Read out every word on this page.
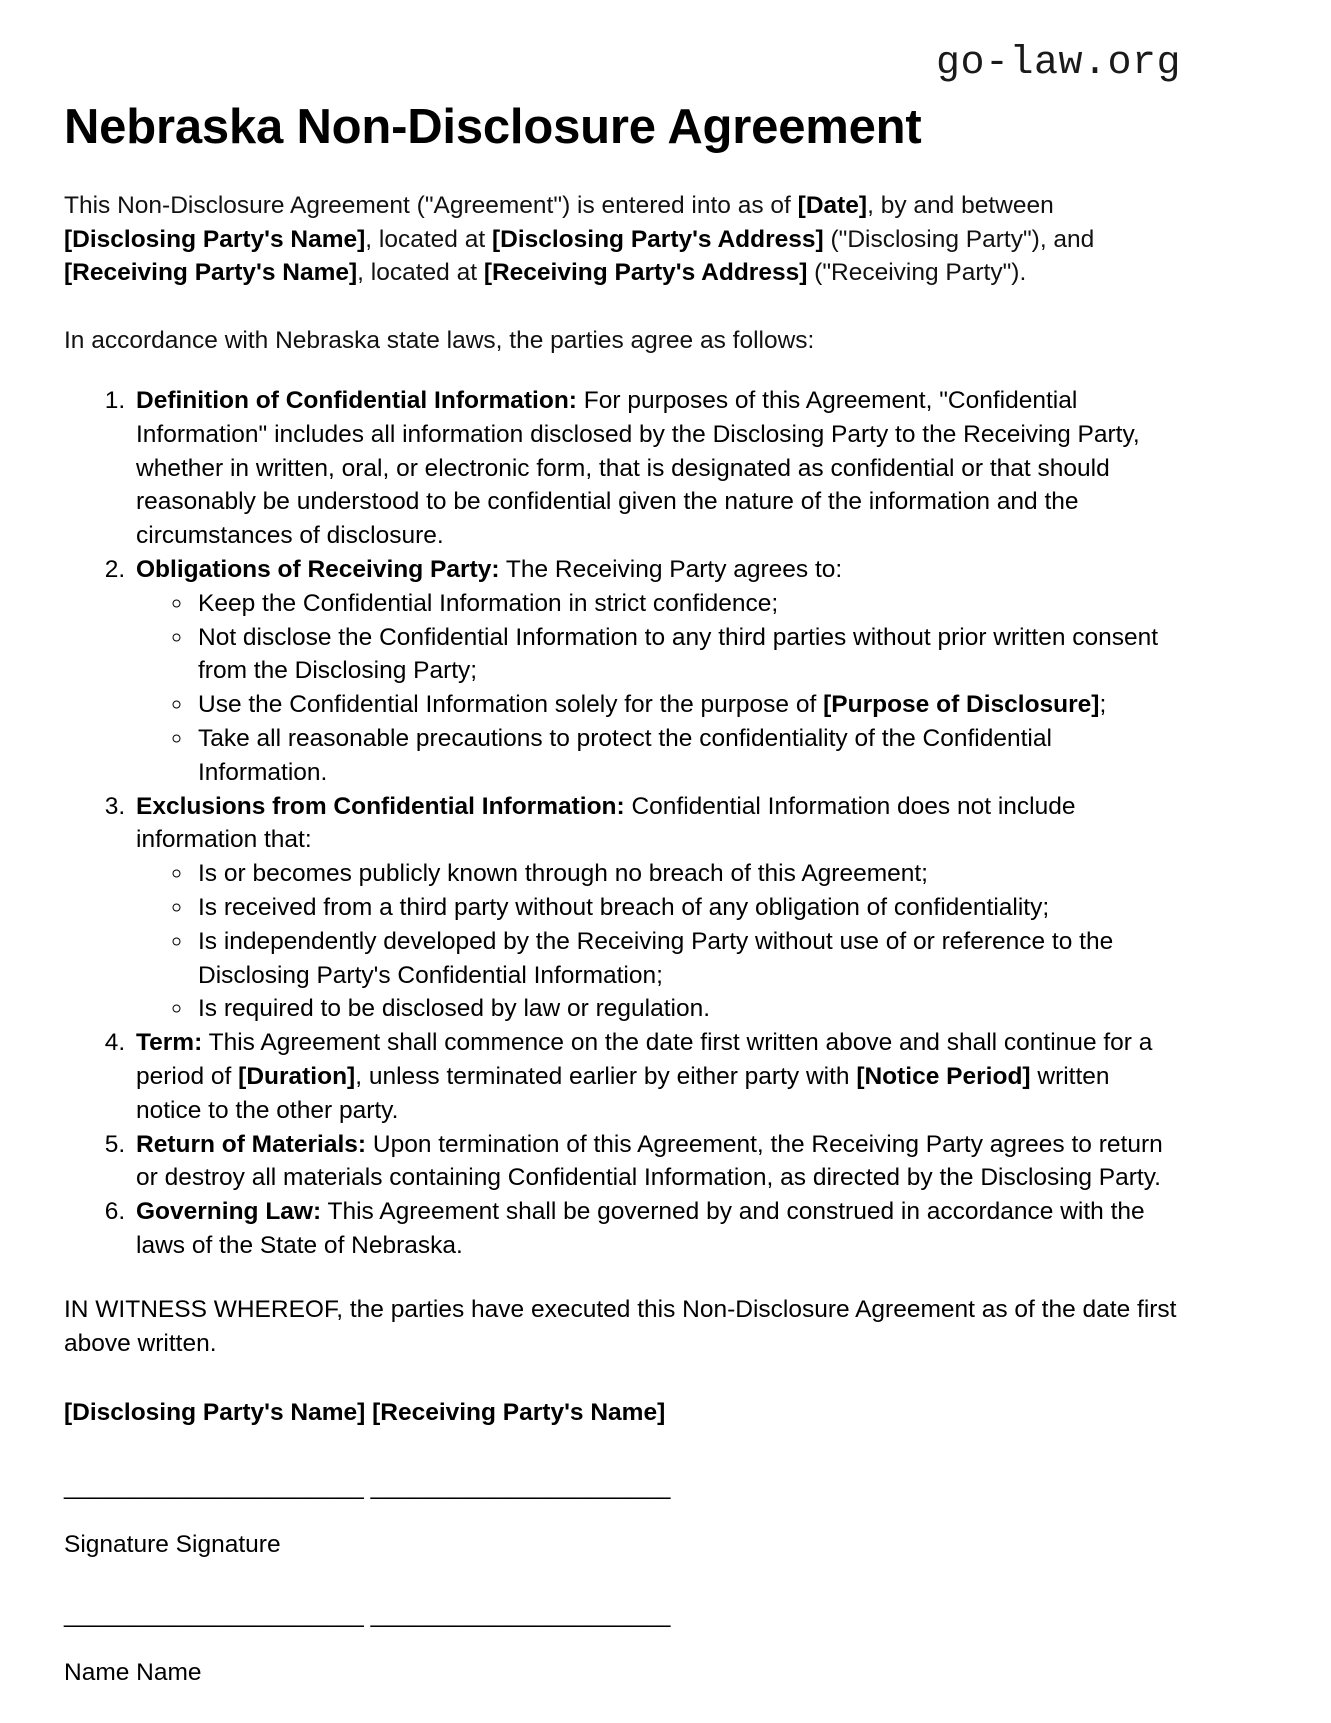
go-law.org
Nebraska Non-Disclosure Agreement

This Non-Disclosure Agreement ("Agreement") is entered into as of [Date], by and between [Disclosing Party's Name], located at [Disclosing Party's Address] ("Disclosing Party"), and [Receiving Party's Name], located at [Receiving Party's Address] ("Receiving Party").

In accordance with Nebraska state laws, the parties agree as follows:

1. Definition of Confidential Information: For purposes of this Agreement, "Confidential Information" includes all information disclosed by the Disclosing Party to the Receiving Party, whether in written, oral, or electronic form, that is designated as confidential or that should reasonably be understood to be confidential given the nature of the information and the circumstances of disclosure.
2. Obligations of Receiving Party: The Receiving Party agrees to:
◦ Keep the Confidential Information in strict confidence;
◦ Not disclose the Confidential Information to any third parties without prior written consent from the Disclosing Party;
◦ Use the Confidential Information solely for the purpose of [Purpose of Disclosure];
◦ Take all reasonable precautions to protect the confidentiality of the Confidential Information.
3. Exclusions from Confidential Information: Confidential Information does not include information that:
◦ Is or becomes publicly known through no breach of this Agreement;
◦ Is received from a third party without breach of any obligation of confidentiality;
◦ Is independently developed by the Receiving Party without use of or reference to the Disclosing Party's Confidential Information;
◦ Is required to be disclosed by law or regulation.
4. Term: This Agreement shall commence on the date first written above and shall continue for a period of [Duration], unless terminated earlier by either party with [Notice Period] written notice to the other party.
5. Return of Materials: Upon termination of this Agreement, the Receiving Party agrees to return or destroy all materials containing Confidential Information, as directed by the Disclosing Party.
6. Governing Law: This Agreement shall be governed by and construed in accordance with the laws of the State of Nebraska.

IN WITNESS WHEREOF, the parties have executed this Non-Disclosure Agreement as of the date first above written.

[Disclosing Party's Name] [Receiving Party's Name]

______________________ ______________________
Signature Signature
______________________ ______________________
Name Name
